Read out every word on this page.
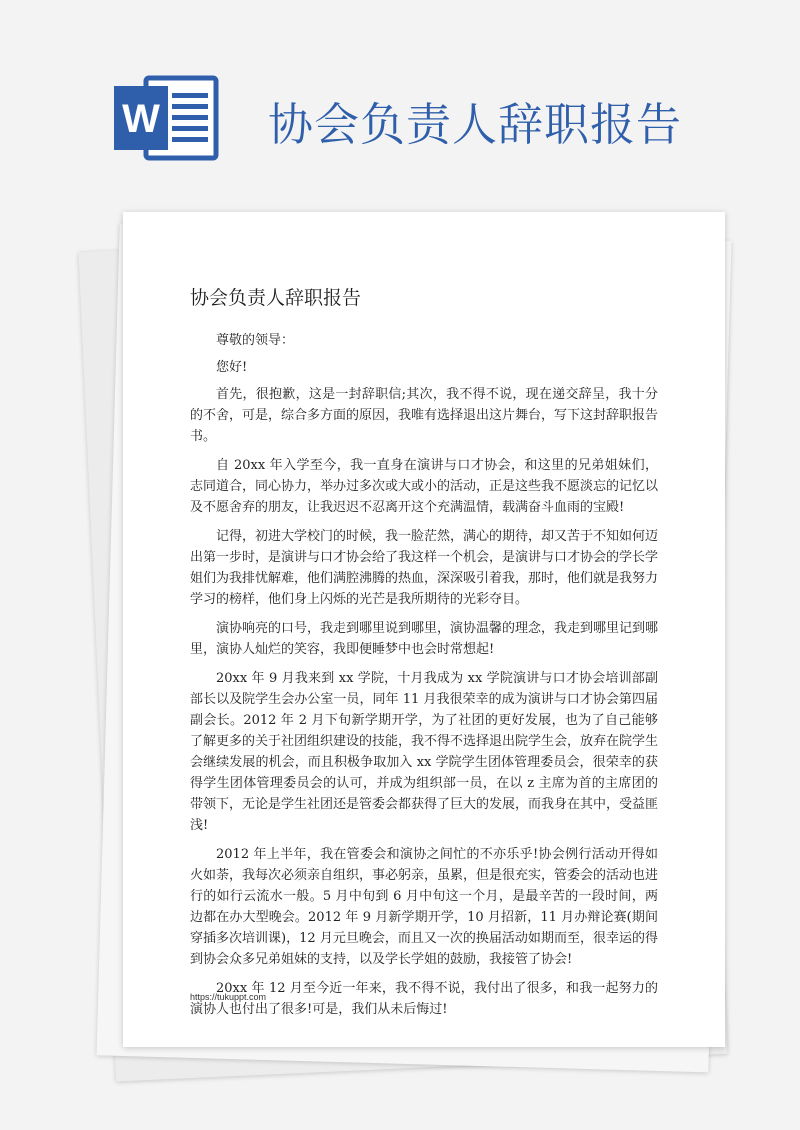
W 协会负责人辞职报告
协会负责人辞职报告

尊敬的领导：

您好!

首先，很抱歉，这是一封辞职信;其次，我不得不说，现在递交辞呈，我十分的不舍，可是，综合多方面的原因，我唯有选择退出这片舞台，写下这封辞职报告书。

自 20xx 年入学至今，我一直身在演讲与口才协会，和这里的兄弟姐妹们，志同道合，同心协力，举办过多次或大或小的活动，正是这些我不愿淡忘的记忆以及不愿舍弃的朋友，让我迟迟不忍离开这个充满温情，载满奋斗血雨的宝殿!

记得，初进大学校门的时候，我一脸茫然，满心的期待，却又苦于不知如何迈出第一步时，是演讲与口才协会给了我这样一个机会，是演讲与口才协会的学长学姐们为我排忧解难，他们满腔沸腾的热血，深深吸引着我，那时，他们就是我努力学习的榜样，他们身上闪烁的光芒是我所期待的光彩夺目。

演协响亮的口号，我走到哪里说到哪里，演协温馨的理念，我走到哪里记到哪里，演协人灿烂的笑容，我即便睡梦中也会时常想起!

20xx 年 9 月我来到 xx 学院，十月我成为 xx 学院演讲与口才协会培训部副部长以及院学生会办公室一员，同年 11 月我很荣幸的成为演讲与口才协会第四届副会长。2012 年 2 月下旬新学期开学，为了社团的更好发展，也为了自己能够了解更多的关于社团组织建设的技能，我不得不选择退出院学生会，放弃在院学生会继续发展的机会，而且积极争取加入 xx 学院学生团体管理委员会，很荣幸的获得学生团体管理委员会的认可，并成为组织部一员，在以 z 主席为首的主席团的带领下，无论是学生社团还是管委会都获得了巨大的发展，而我身在其中，受益匪浅!

2012 年上半年，我在管委会和演协之间忙的不亦乐乎!协会例行活动开得如火如荼，我每次必须亲自组织，事必躬亲，虽累，但是很充实，管委会的活动也进行的如行云流水一般。5 月中旬到 6 月中旬这一个月，是最辛苦的一段时间，两边都在办大型晚会。2012 年 9 月新学期开学，10 月招新，11 月办辩论赛(期间穿插多次培训课)，12 月元旦晚会，而且又一次的换届活动如期而至，很幸运的得到协会众多兄弟姐妹的支持，以及学长学姐的鼓励，我接管了协会!

20xx 年 12 月至今近一年来，我不得不说，我付出了很多，和我一起努力的演协人也付出了很多!可是，我们从未后悔过!

https://tukuppt.com
